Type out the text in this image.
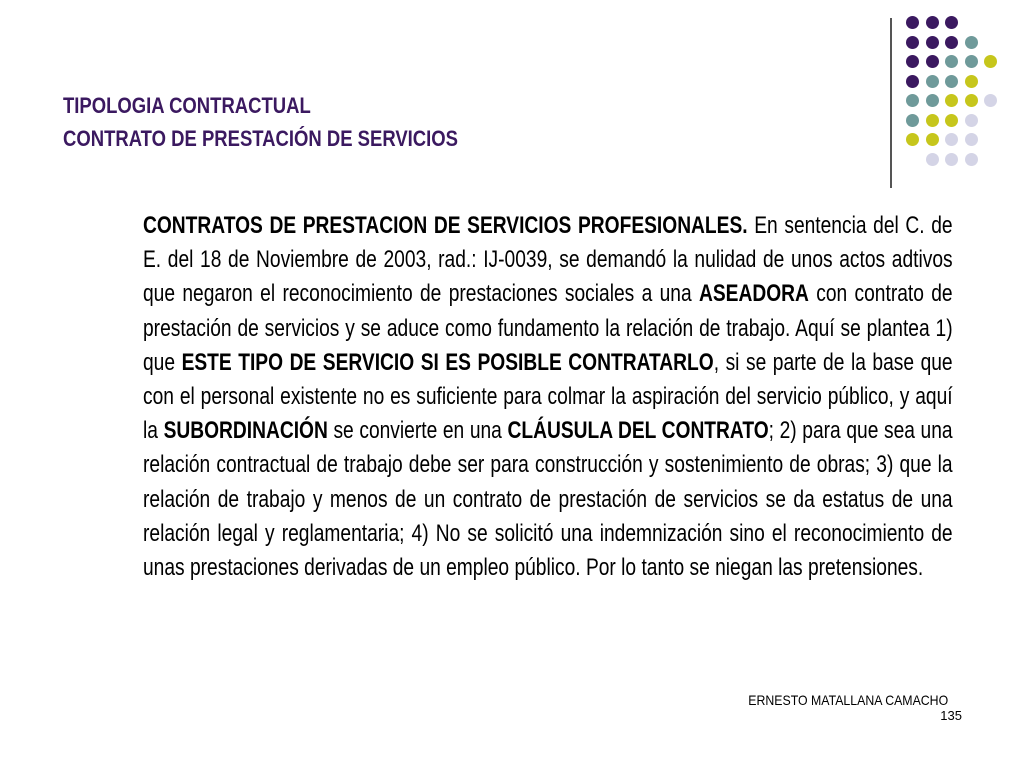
TIPOLOGIA CONTRACTUAL
CONTRATO DE PRESTACIÓN DE SERVICIOS
CONTRATOS DE PRESTACION DE SERVICIOS PROFESIONALES. En sentencia del C. de E. del 18 de Noviembre de 2003, rad.: IJ-0039, se demandó la nulidad de unos actos adtivos que negaron el reconocimiento de prestaciones sociales a una ASEADORA con contrato de prestación de servicios y se aduce como fundamento la relación de trabajo. Aquí se plantea 1) que ESTE TIPO DE SERVICIO SI ES POSIBLE CONTRATARLO, si se parte de la base que con el personal existente no es suficiente para colmar la aspiración del servicio público, y aquí la SUBORDINACIÓN se convierte en una CLÁUSULA DEL CONTRATO; 2) para que sea una relación contractual de trabajo debe ser para construcción y sostenimiento de obras; 3) que la relación de trabajo y menos de un contrato de prestación de servicios se da estatus de una relación legal y reglamentaria; 4) No se solicitó una indemnización sino el reconocimiento de unas prestaciones derivadas de un empleo público. Por lo tanto se niegan las pretensiones.
ERNESTO MATALLANA CAMACHO
135
